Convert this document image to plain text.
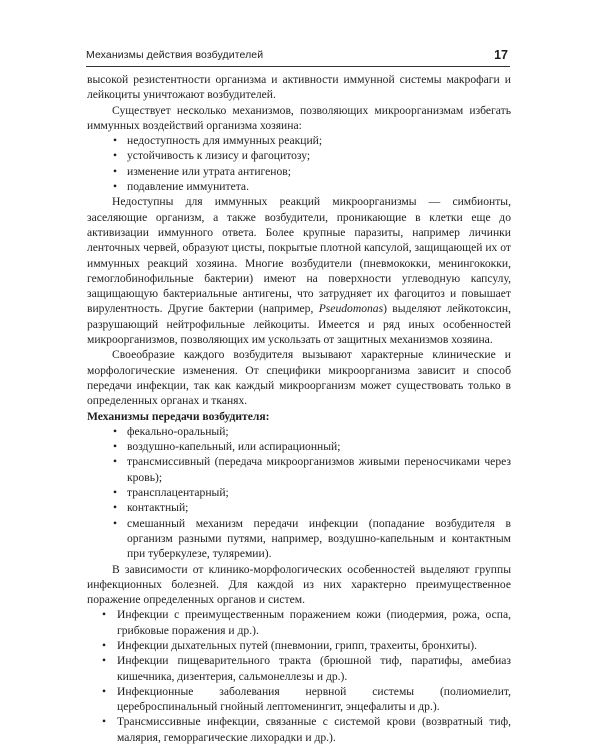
Механизмы действия возбудителей	17

высокой резистентности организма и активности иммунной системы макрофаги и лейкоциты уничтожают возбудителей.

Существует несколько механизмов, позволяющих микроорганизмам избегать иммунных воздействий организма хозяина:

• недоступность для иммунных реакций;
• устойчивость к лизису и фагоцитозу;
• изменение или утрата антигенов;
• подавление иммунитета.

Недоступны для иммунных реакций микроорганизмы — симбионты, заселяющие организм, а также возбудители, проникающие в клетки еще до активизации иммунного ответа. Более крупные паразиты, например личинки ленточных червей, образуют цисты, покрытые плотной капсулой, защищающей их от иммунных реакций хозяина. Многие возбудители (пневмококки, менингококки, гемоглобинофильные бактерии) имеют на поверхности углеводную капсулу, защищающую бактериальные антигены, что затрудняет их фагоцитоз и повышает вирулентность. Другие бактерии (например, Pseudomonas) выделяют лейкотоксин, разрушающий нейтрофильные лейкоциты. Имеется и ряд иных особенностей микроорганизмов, позволяющих им ускользать от защитных механизмов хозяина.

Своеобразие каждого возбудителя вызывают характерные клинические и морфологические изменения. От специфики микроорганизма зависит и способ передачи инфекции, так как каждый микроорганизм может существовать только в определенных органах и тканях.

Механизмы передачи возбудителя:

• фекально-оральный;
• воздушно-капельный, или аспирационный;
• трансмиссивный (передача микроорганизмов живыми переносчиками через кровь);
• трансплацентарный;
• контактный;
• смешанный механизм передачи инфекции (попадание возбудителя в организм разными путями, например, воздушно-капельным и контактным при туберкулезе, туляремии).

В зависимости от клинико-морфологических особенностей выделяют группы инфекционных болезней. Для каждой из них характерно преимущественное поражение определенных органов и систем.

• Инфекции с преимущественным поражением кожи (пиодермия, рожа, оспа, грибковые поражения и др.).
• Инфекции дыхательных путей (пневмонии, грипп, трахеиты, бронхиты).
• Инфекции пищеварительного тракта (брюшной тиф, паратифы, амебиаз кишечника, дизентерия, сальмонеллезы и др.).
• Инфекционные заболевания нервной системы (полиомиелит, цереброспинальный гнойный лептоменингит, энцефалиты и др.).
• Трансмиссивные инфекции, связанные с системой крови (возвратный тиф, малярия, геморрагические лихорадки и др.).
